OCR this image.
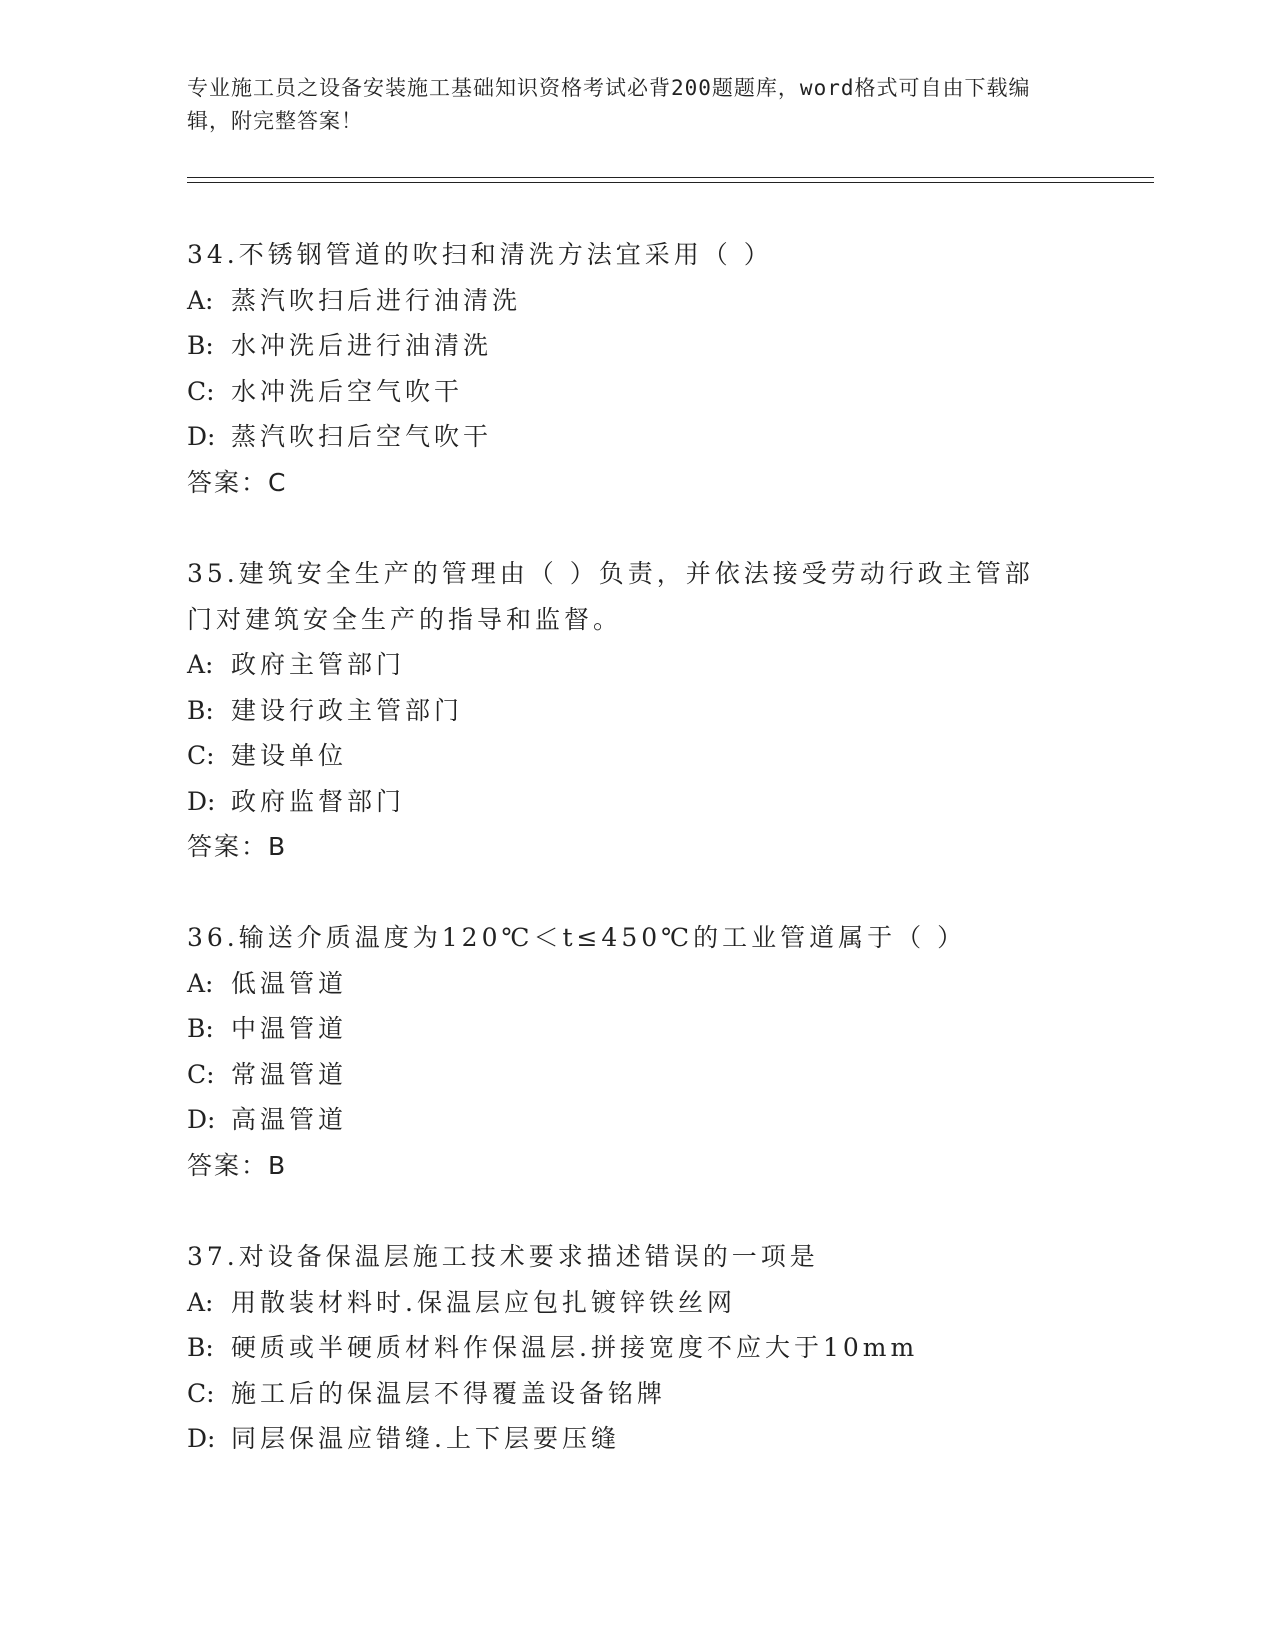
专业施工员之设备安装施工基础知识资格考试必背200题题库，word格式可自由下载编辑，附完整答案！
34.不锈钢管道的吹扫和清洗方法宜采用（ ）
A: 蒸汽吹扫后进行油清洗
B: 水冲洗后进行油清洗
C: 水冲洗后空气吹干
D: 蒸汽吹扫后空气吹干
答案：C
35.建筑安全生产的管理由（ ）负责，并依法接受劳动行政主管部门对建筑安全生产的指导和监督。
A: 政府主管部门
B: 建设行政主管部门
C: 建设单位
D: 政府监督部门
答案：B
36.输送介质温度为120℃＜t≤450℃的工业管道属于（ ）
A: 低温管道
B: 中温管道
C: 常温管道
D: 高温管道
答案：B
37.对设备保温层施工技术要求描述错误的一项是
A: 用散装材料时.保温层应包扎镀锌铁丝网
B: 硬质或半硬质材料作保温层.拼接宽度不应大于10mm
C: 施工后的保温层不得覆盖设备铭牌
D: 同层保温应错缝.上下层要压缝
